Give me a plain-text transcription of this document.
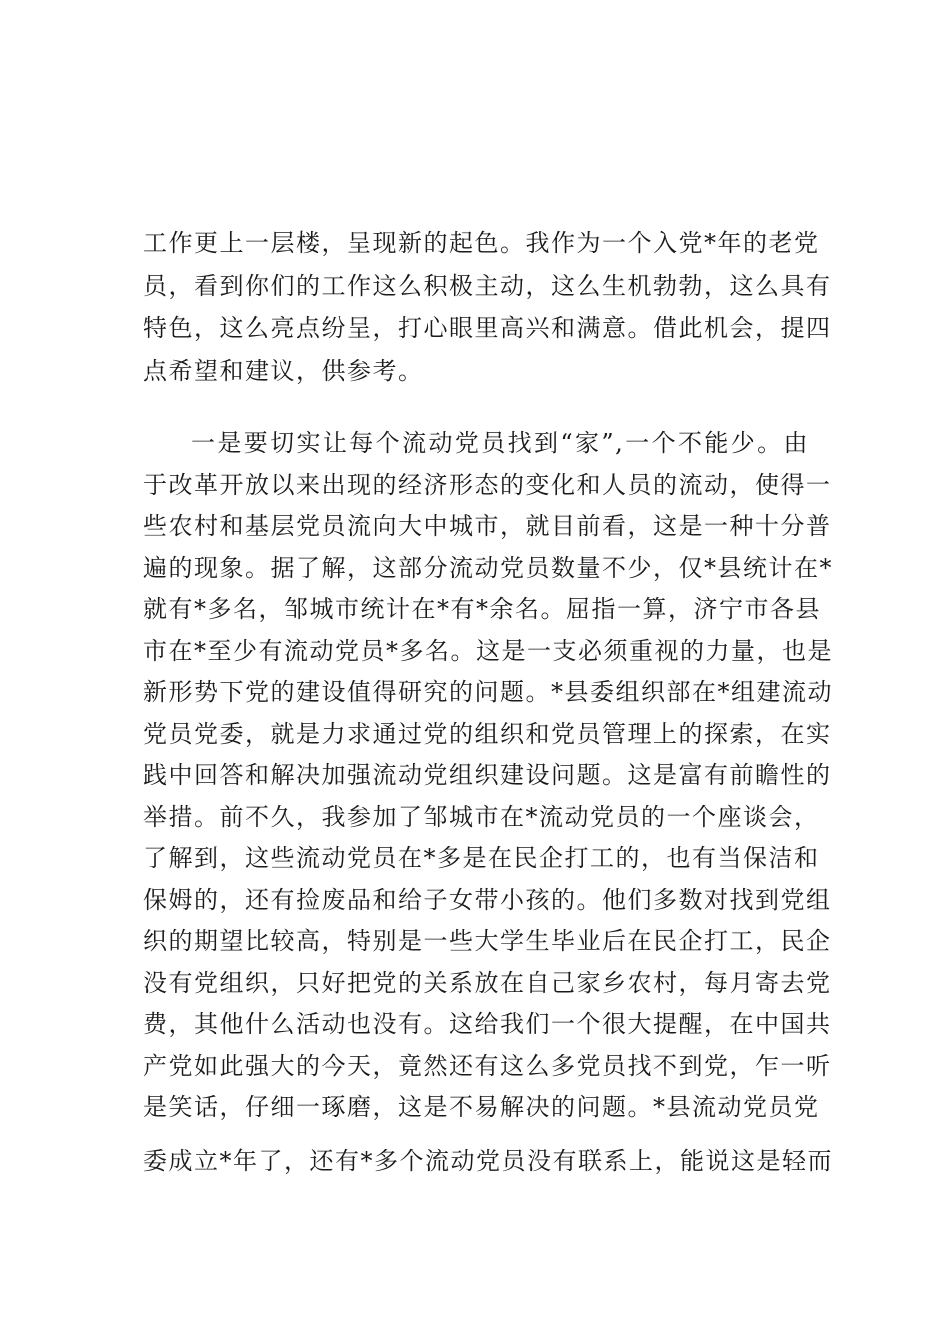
工作更上一层楼，呈现新的起色。我作为一个入党*年的老党
员，看到你们的工作这么积极主动，这么生机勃勃，这么具有
特色，这么亮点纷呈，打心眼里高兴和满意。借此机会，提四
点希望和建议，供参考。
一是要切实让每个流动党员找到“家”,一个不能少。由
于改革开放以来出现的经济形态的变化和人员的流动，使得一
些农村和基层党员流向大中城市，就目前看，这是一种十分普
遍的现象。据了解，这部分流动党员数量不少，仅*县统计在*
就有*多名，邹城市统计在*有*余名。屈指一算，济宁市各县
市在*至少有流动党员*多名。这是一支必须重视的力量，也是
新形势下党的建设值得研究的问题。*县委组织部在*组建流动
党员党委，就是力求通过党的组织和党员管理上的探索，在实
践中回答和解决加强流动党组织建设问题。这是富有前瞻性的
举措。前不久，我参加了邹城市在*流动党员的一个座谈会，
了解到，这些流动党员在*多是在民企打工的，也有当保洁和
保姆的，还有捡废品和给子女带小孩的。他们多数对找到党组
织的期望比较高，特别是一些大学生毕业后在民企打工，民企
没有党组织，只好把党的关系放在自己家乡农村，每月寄去党
费，其他什么活动也没有。这给我们一个很大提醒，在中国共
产党如此强大的今天，竟然还有这么多党员找不到党，乍一听
是笑话，仔细一琢磨，这是不易解决的问题。*县流动党员党
委成立*年了，还有*多个流动党员没有联系上，能说这是轻而
